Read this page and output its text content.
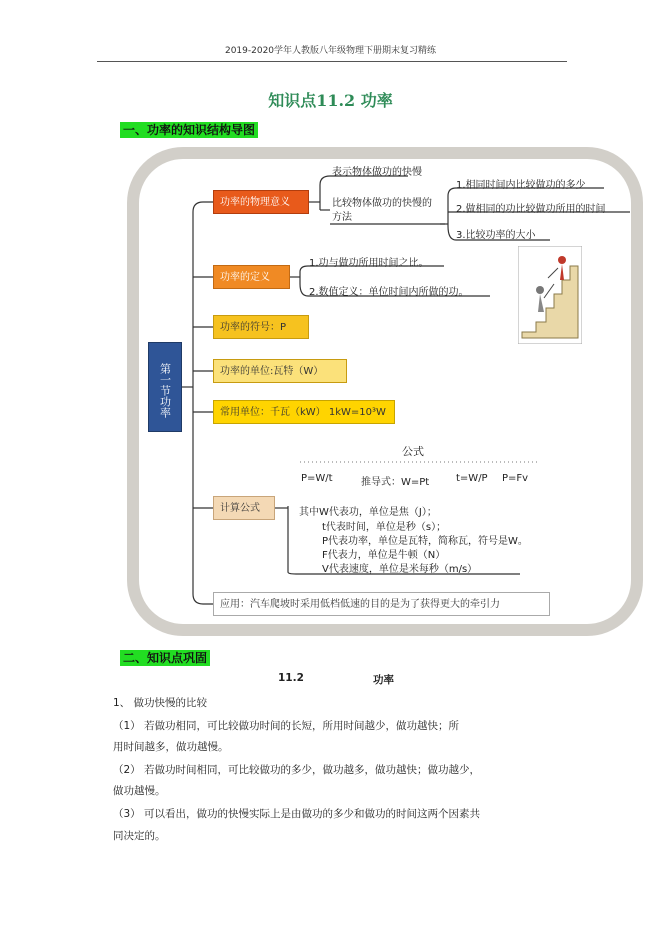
2019-2020学年人教版八年级物理下册期末复习精练
知识点11.2 功率
一、功率的知识结构导图
第一节功率
功率的物理意义
功率的定义
功率的符号：P
功率的单位:瓦特（W）
常用单位：千瓦（kW） 1kW=10³W
计算公式
应用：汽车爬坡时采用低档低速的目的是为了获得更大的牵引力
表示物体做功的快慢
比较物体做功的快慢的方法
1.相同时间内比较做功的多少
2.做相同的功比较做功所用的时间
3.比较功率的大小
1.功与做功所用时间之比。
2.数值定义：单位时间内所做的功。
公式
P=W/t	推导式：W=Pt	t=W/P P=Fv
其中W代表功，单位是焦（J）；
t代表时间，单位是秒（s）；
P代表功率，单位是瓦特，简称瓦，符号是W。
F代表力，单位是牛顿（N）
V代表速度，单位是米每秒（m/s）
二、知识点巩固
11.2	功率
1、 做功快慢的比较
（1） 若做功相同，可比较做功时间的长短，所用时间越少，做功越快；所
用时间越多，做功越慢。
（2） 若做功时间相同，可比较做功的多少，做功越多，做功越快；做功越少，
做功越慢。
（3） 可以看出，做功的快慢实际上是由做功的多少和做功的时间这两个因素共
同决定的。
